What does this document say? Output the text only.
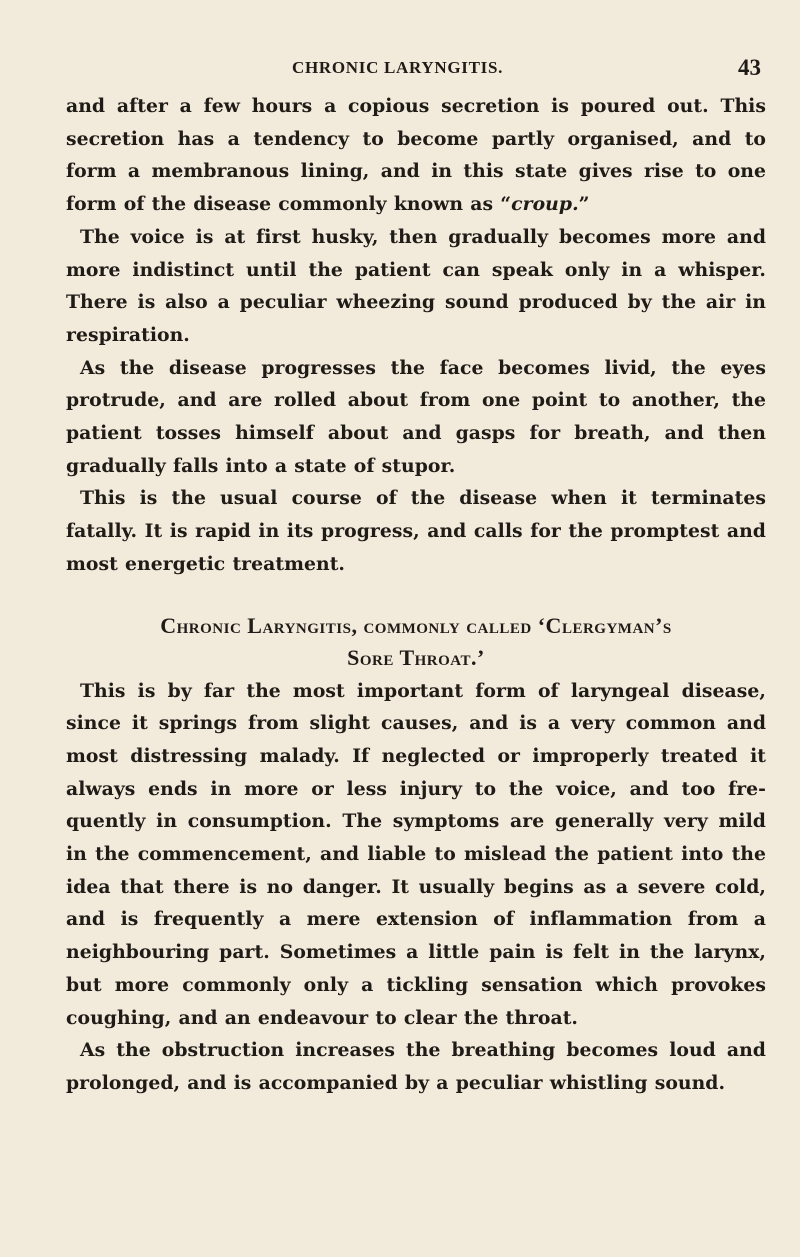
CHRONIC LARYNGITIS.	43

and after a few hours a copious secretion is poured out. This secretion has a tendency to become partly organised, and to form a membranous lining, and in this state gives rise to one form of the disease commonly known as “croup.”

The voice is at first husky, then gradually becomes more and more indistinct until the patient can speak only in a whisper. There is also a peculiar wheezing sound produced by the air in respiration.

As the disease progresses the face becomes livid, the eyes protrude, and are rolled about from one point to another, the patient tosses himself about and gasps for breath, and then gradually falls into a state of stupor.

This is the usual course of the disease when it terminates fatally. It is rapid in its progress, and calls for the promptest and most energetic treatment.

Chronic Laryngitis, commonly called ‘Clergyman’s
Sore Throat.’

This is by far the most important form of laryngeal disease, since it springs from slight causes, and is a very common and most distressing malady. If neglected or improperly treated it always ends in more or less injury to the voice, and too fre- quently in consumption. The symptoms are generally very mild in the commencement, and liable to mislead the patient into the idea that there is no danger. It usually begins as a severe cold, and is frequently a mere extension of inflammation from a neighbouring part. Sometimes a little pain is felt in the larynx, but more commonly only a tickling sensation which provokes coughing, and an endeavour to clear the throat.

As the obstruction increases the breathing becomes loud and prolonged, and is accompanied by a peculiar whistling sound.
